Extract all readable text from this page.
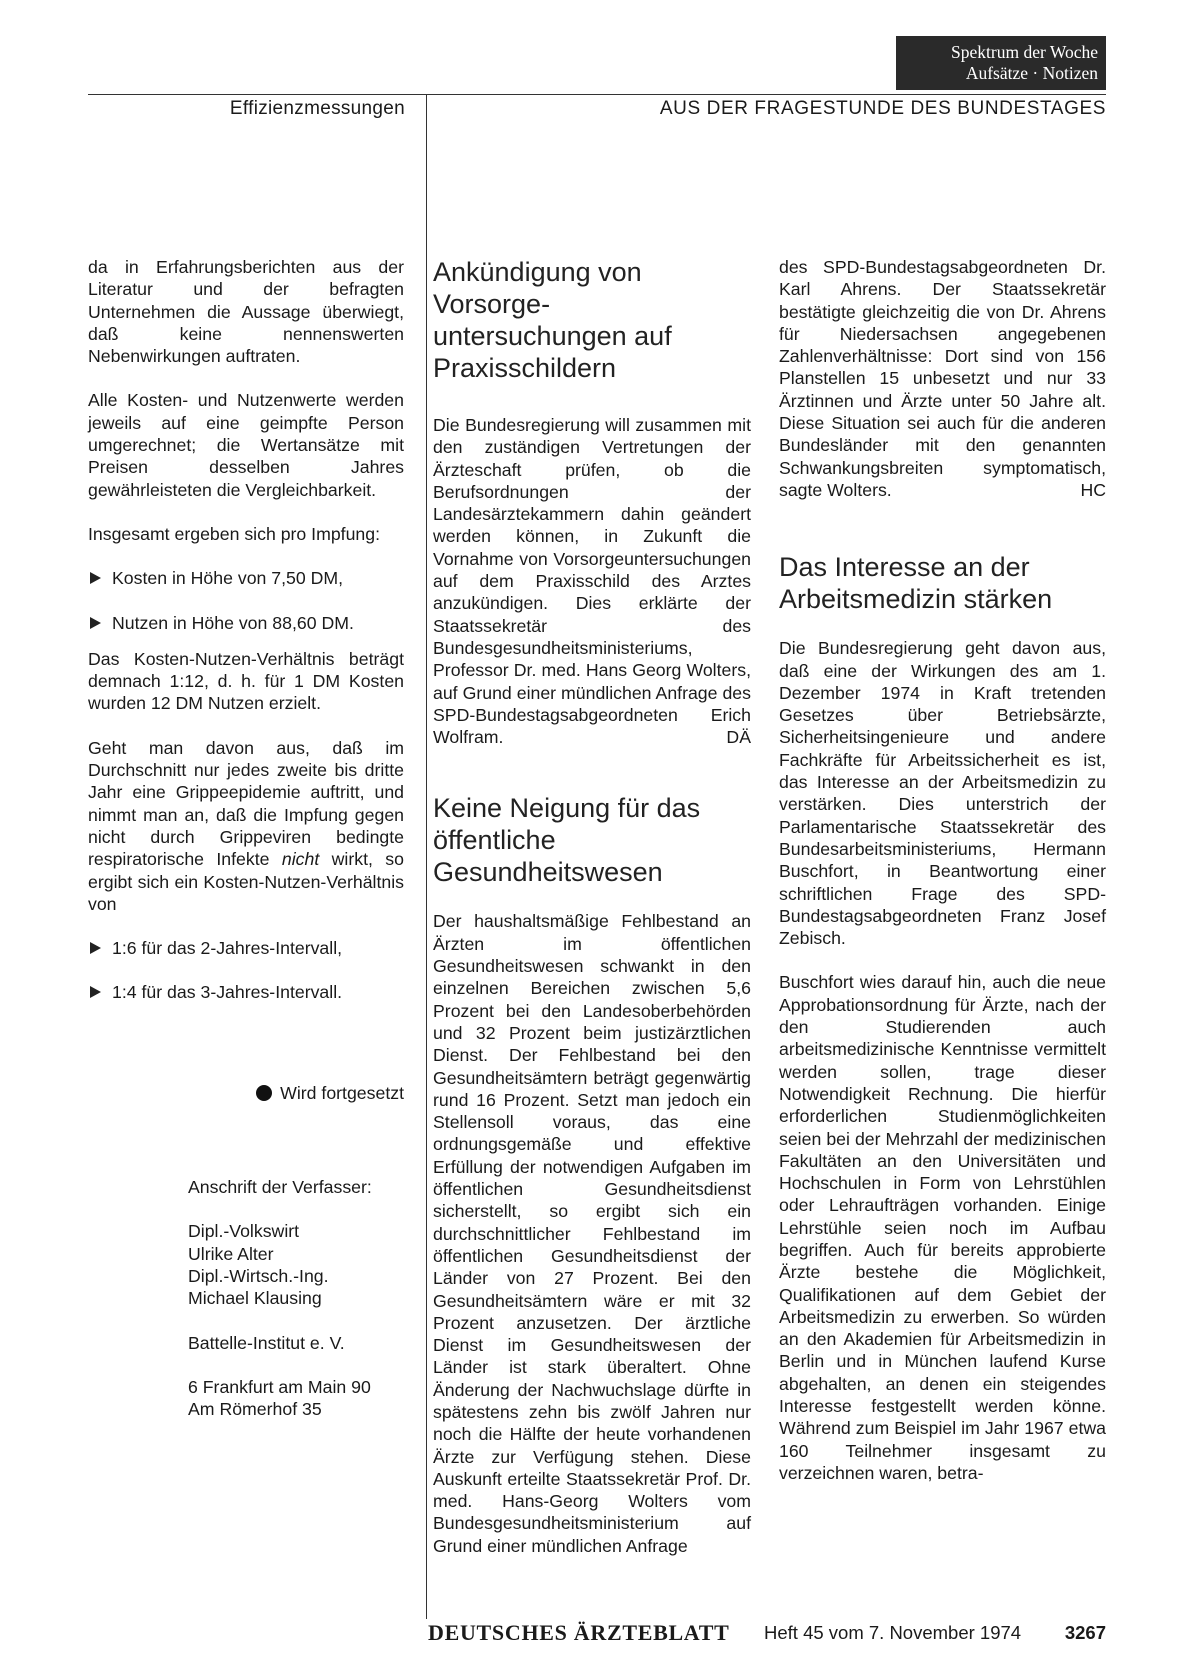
Spektrum der Woche
Aufsätze · Notizen
Effizienzmessungen	AUS DER FRAGESTUNDE DES BUNDESTAGES

da in Erfahrungsberichten aus der Literatur und der befragten Unternehmen die Aussage überwiegt, daß keine nennenswerten Nebenwirkungen auftraten.

Alle Kosten- und Nutzenwerte werden jeweils auf eine geimpfte Person umgerechnet; die Wertansätze mit Preisen desselben Jahres gewährleisteten die Vergleichbarkeit.

Insgesamt ergeben sich pro Impfung:

Kosten in Höhe von 7,50 DM,

Nutzen in Höhe von 88,60 DM.

Das Kosten-Nutzen-Verhältnis beträgt demnach 1:12, d. h. für 1 DM Kosten wurden 12 DM Nutzen erzielt.

Geht man davon aus, daß im Durchschnitt nur jedes zweite bis dritte Jahr eine Grippeepidemie auftritt, und nimmt man an, daß die Impfung gegen nicht durch Grippeviren bedingte respiratorische Infekte nicht wirkt, so ergibt sich ein Kosten-Nutzen-Verhältnis von

1:6 für das 2-Jahres-Intervall,

1:4 für das 3-Jahres-Intervall.

Wird fortgesetzt

Anschrift der Verfasser:

Dipl.-Volkswirt

Ulrike Alter

Dipl.-Wirtsch.-Ing.

Michael Klausing

Battelle-Institut e. V.

6 Frankfurt am Main 90

Am Römerhof 35

Ankündigung von Vorsorge-untersuchungen auf Praxisschildern

Die Bundesregierung will zusammen mit den zuständigen Vertretungen der Ärzteschaft prüfen, ob die Berufsordnungen der Landesärztekammern dahin geändert werden können, in Zukunft die Vornahme von Vorsorgeuntersuchungen auf dem Praxisschild des Arztes anzukündigen. Dies erklärte der Staatssekretär des Bundesgesundheitsministeriums, Professor Dr. med. Hans Georg Wolters, auf Grund einer mündlichen Anfrage des SPD-Bundestagsabgeordneten Erich Wolfram.	DÄ

Keine Neigung für das öffentliche Gesundheitswesen

Der haushaltsmäßige Fehlbestand an Ärzten im öffentlichen Gesundheitswesen schwankt in den einzelnen Bereichen zwischen 5,6 Prozent bei den Landesoberbehörden und 32 Prozent beim justizärztlichen Dienst. Der Fehlbestand bei den Gesundheitsämtern beträgt gegenwärtig rund 16 Prozent. Setzt man jedoch ein Stellensoll voraus, das eine ordnungsgemäße und effektive Erfüllung der notwendigen Aufgaben im öffentlichen Gesundheitsdienst sicherstellt, so ergibt sich ein durchschnittlicher Fehlbestand im öffentlichen Gesundheitsdienst der Länder von 27 Prozent. Bei den Gesundheitsämtern wäre er mit 32 Prozent anzusetzen. Der ärztliche Dienst im Gesundheitswesen der Länder ist stark überaltert. Ohne Änderung der Nachwuchslage dürfte in spätestens zehn bis zwölf Jahren nur noch die Hälfte der heute vorhandenen Ärzte zur Verfügung stehen. Diese Auskunft erteilte Staatssekretär Prof. Dr. med. Hans-Georg Wolters vom Bundesgesundheitsministerium auf Grund einer mündlichen Anfrage

des SPD-Bundestagsabgeordneten Dr. Karl Ahrens. Der Staatssekretär bestätigte gleichzeitig die von Dr. Ahrens für Niedersachsen angegebenen Zahlenverhältnisse: Dort sind von 156 Planstellen 15 unbesetzt und nur 33 Ärztinnen und Ärzte unter 50 Jahre alt. Diese Situation sei auch für die anderen Bundesländer mit den genannten Schwankungsbreiten symptomatisch, sagte Wolters.	HC

Das Interesse an der Arbeitsmedizin stärken

Die Bundesregierung geht davon aus, daß eine der Wirkungen des am 1. Dezember 1974 in Kraft tretenden Gesetzes über Betriebsärzte, Sicherheitsingenieure und andere Fachkräfte für Arbeitssicherheit es ist, das Interesse an der Arbeitsmedizin zu verstärken. Dies unterstrich der Parlamentarische Staatssekretär des Bundesarbeitsministeriums, Hermann Buschfort, in Beantwortung einer schriftlichen Frage des SPD-Bundestagsabgeordneten Franz Josef Zebisch.

Buschfort wies darauf hin, auch die neue Approbationsordnung für Ärzte, nach der den Studierenden auch arbeitsmedizinische Kenntnisse vermittelt werden sollen, trage dieser Notwendigkeit Rechnung. Die hierfür erforderlichen Studienmöglichkeiten seien bei der Mehrzahl der medizinischen Fakultäten an den Universitäten und Hochschulen in Form von Lehrstühlen oder Lehraufträgen vorhanden. Einige Lehrstühle seien noch im Aufbau begriffen. Auch für bereits approbierte Ärzte bestehe die Möglichkeit, Qualifikationen auf dem Gebiet der Arbeitsmedizin zu erwerben. So würden an den Akademien für Arbeitsmedizin in Berlin und in München laufend Kurse abgehalten, an denen ein steigendes Interesse festgestellt werden könne. Während zum Beispiel im Jahr 1967 etwa 160 Teilnehmer insgesamt zu verzeichnen waren, betra-

DEUTSCHES ÄRZTEBLATT Heft 45 vom 7. November 1974 3267
